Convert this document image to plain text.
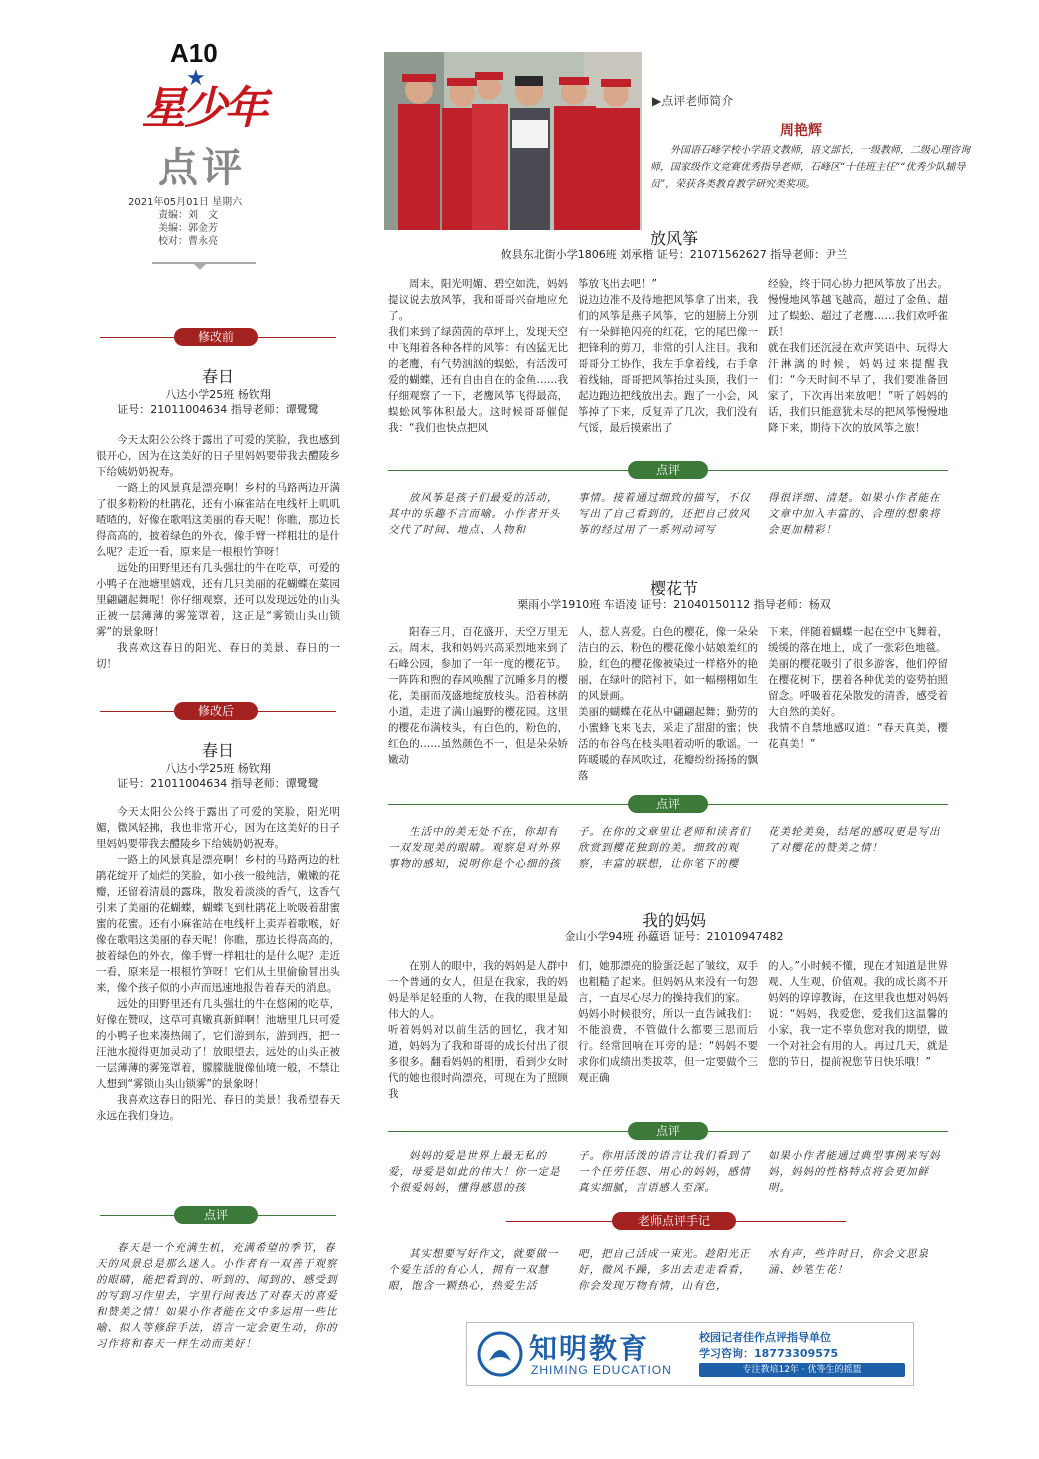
A10
星少年
★
点评
2021年05月01日 星期六
责编：刘　文
美编：郭金芳
校对：曹永亮
修改前
春日
八达小学25班 杨钦翔
证号：21011004634 指导老师：谭鹭鹭

今天太阳公公终于露出了可爱的笑脸，我也感到很开心，因为在这美好的日子里妈妈要带我去醴陵乡下给姨奶奶祝寿。

一路上的风景真是漂亮啊！乡村的马路两边开满了很多粉粉的杜鹃花，还有小麻雀站在电线杆上叽叽喳喳的，好像在歌唱这美丽的春天呢！你瞧，那边长得高高的，披着绿色的外衣，像手臂一样粗壮的是什么呢？走近一看，原来是一根根竹笋呀！

远处的田野里还有几头强壮的牛在吃草，可爱的小鸭子在池塘里嬉戏，还有几只美丽的花蝴蝶在菜园里翩翩起舞呢！你仔细观察，还可以发现远处的山头正被一层薄薄的雾笼罩着，这正是“雾锁山头山锁雾”的景象呀！

我喜欢这春日的阳光、春日的美景、春日的一切！

修改后
春日
八达小学25班 杨钦翔
证号：21011004634 指导老师：谭鹭鹭

今天太阳公公终于露出了可爱的笑脸，阳光明媚，微风轻拂，我也非常开心，因为在这美好的日子里妈妈要带我去醴陵乡下给姨奶奶祝寿。

一路上的风景真是漂亮啊！乡村的马路两边的杜鹃花绽开了灿烂的笑脸，如小孩一般纯洁，嫩嫩的花瓣，还留着清晨的露珠，散发着淡淡的香气，这香气引来了美丽的花蝴蝶，蝴蝶飞到杜鹃花上吮吸着甜蜜蜜的花蜜。还有小麻雀站在电线杆上卖弄着歌喉，好像在歌唱这美丽的春天呢！你瞧，那边长得高高的，披着绿色的外衣，像手臂一样粗壮的是什么呢？走近一看，原来是一根根竹笋呀！它们从土里偷偷冒出头来，像个孩子似的小声而迅速地报告着春天的消息。

远处的田野里还有几头强壮的牛在悠闲的吃草，好像在赞叹，这草可真嫩真新鲜啊！池塘里几只可爱的小鸭子也来凑热闹了，它们游到东，游到西，把一汪池水搅得更加灵动了！放眼望去，远处的山头正被一层薄薄的雾笼罩着，朦朦胧胧像仙境一般，不禁让人想到“雾锁山头山锁雾”的景象呀！

我喜欢这春日的阳光、春日的美景！我希望春天永远在我们身边。

点评
春天是一个充满生机，充满希望的季节，春天的风景总是那么迷人。小作者有一双善于观察的眼睛，能把看到的、听到的、闻到的、感受到的写到习作里去，字里行间表达了对春天的喜爱和赞美之情！如果小作者能在文中多运用一些比喻、拟人等修辞手法，语言一定会更生动，你的习作将和春天一样生动而美好！
▶点评老师简介
周艳辉
外国语石峰学校小学语文教师，语文部长，一级教师，二级心理咨询师，国家级作文竞赛优秀指导老师，石峰区“十佳班主任”“优秀少队辅导员”，荣获各类教育教学研究类奖项。
放风筝
攸县东北街小学1806班 刘承楷 证号：21071562627 指导老师：尹兰
周末，阳光明媚、碧空如洗，妈妈提议说去放风筝，我和哥哥兴奋地应允了。
我们来到了绿茵茵的草坪上，发现天空中飞翔着各种各样的风筝：有凶猛无比的老鹰，有气势汹汹的蜈蚣，有活泼可爱的蝴蝶，还有自由自在的金鱼……我仔细观察了一下，老鹰风筝飞得最高，蜈蚣风筝体积最大。这时候哥哥催促我：“我们也快点把风
筝放飞出去吧！”
说边边准不及待地把风筝拿了出来，我们的风筝是燕子风筝，它的翅膀上分别有一朵鲜艳闪亮的红花，它的尾巴像一把锋利的剪刀，非常的引人注目。我和哥哥分工协作，我左手拿着线，右手拿着线轴，哥哥把风筝抬过头顶，我们一起边跑边把线放出去。跑了一小会，风筝掉了下来，反复弄了几次，我们没有气馁，最后摸索出了
经验，终于同心协力把风筝放了出去。慢慢地风筝越飞越高，超过了金鱼、超过了蜈蚣、超过了老鹰……我们欢呼雀跃！
就在我们还沉浸在欢声笑语中、玩得大汗淋漓的时候，妈妈过来提醒我们：“今天时间不早了，我们要准备回家了，下次再出来放吧！”听了妈妈的话，我们只能意犹未尽的把风筝慢慢地降下来，期待下次的放风筝之旅！
点评
放风筝是孩子们最爱的活动，其中的乐趣不言而喻。小作者开头交代了时间、地点、人物和
事情。接着通过细致的描写，不仅写出了自己看到的，还把自己放风筝的经过用了一系列动词写
得很详细、清楚。如果小作者能在文章中加入丰富的、合理的想象将会更加精彩！
樱花节
栗雨小学1910班 车语凌 证号：21040150112 指导老师：杨双
阳春三月，百花盛开，天空万里无云。周末，我和妈妈兴高采烈地来到了石峰公园，参加了一年一度的樱花节。
一阵阵和煦的春风唤醒了沉睡多月的樱花，美丽而茂盛地绽放枝头。沿着林荫小道，走进了满山遍野的樱花园。这里的樱花布满枝头，有白色的，粉色的，红色的……虽然颜色不一，但是朵朵娇嫩动
人，惹人喜爱。白色的樱花，像一朵朵洁白的云，粉色的樱花像小姑娘羞红的脸，红色的樱花像被染过一样格外的艳丽，在绿叶的陪衬下，如一幅栩栩如生的风景画。
美丽的蝴蝶在花丛中翩翩起舞；勤劳的小蜜蜂飞来飞去，采走了甜甜的蜜；快活的布谷鸟在枝头唱着动听的歌谣。一阵暖暖的春风吹过，花瓣纷纷扬扬的飘落
下来，伴随着蝴蝶一起在空中飞舞着，缓缓的落在地上，成了一张彩色地毯。
美丽的樱花吸引了很多游客，他们停留在樱花树下，摆着各种优美的姿势拍照留念。呼吸着花朵散发的清香，感受着大自然的美好。
我情不自禁地感叹道：“春天真美，樱花真美！”
点评
生活中的美无处不在，你却有一双发现美的眼睛。观察是对外界事物的感知，说明你是个心细的孩
子。在你的文章里让老师和读者们欣赏到樱花独到的美。细致的观察，丰富的联想，让你笔下的樱
花美轮美奂，结尾的感叹更是写出了对樱花的赞美之情！
我的妈妈
金山小学94班 孙藴语 证号：21010947482
在别人的眼中，我的妈妈是人群中一个普通的女人，但是在我家，我的妈妈是举足轻重的人物，在我的眼里是最伟大的人。
听着妈妈对以前生活的回忆，我才知道，妈妈为了我和哥哥的成长付出了很多很多。翻看妈妈的相册，看到少女时代的她也很时尚漂亮，可现在为了照顾我
们，她那漂亮的脸蛋泛起了皱纹，双手也粗糙了起来。但妈妈从来没有一句怨言，一直尽心尽力的操持我们的家。
妈妈小时候很穷，所以一直告诫我们：不能浪费，不管做什么都要三思而后行。经常回响在耳旁的是：“妈妈不要求你们成绩出类拔萃，但一定要做个三观正确
的人。”小时候不懂，现在才知道是世界观、人生观、价值观。我的成长离不开妈妈的谆谆教诲，在这里我也想对妈妈说：“妈妈，我爱您，爱我们这温馨的小家，我一定不辜负您对我的期望，做一个对社会有用的人。再过几天，就是您的节日，提前祝您节日快乐哦！”
点评
妈妈的爱是世界上最无私的爱，母爱是如此的伟大！你一定是个很爱妈妈，懂得感恩的孩
子。你用活泼的语言让我们看到了一个任劳任怨、用心的妈妈，感情真实细腻，言语感人至深。
如果小作者能通过典型事例来写妈妈，妈妈的性格特点将会更加鲜明。
老师点评手记
其实想要写好作文，就要做一个爱生活的有心人，拥有一双慧眼，饱含一颗热心，热爱生活
吧，把自己活成一束光。趁阳光正好，微风不躁，多出去走走看看，你会发现万物有情，山有色，
水有声，些许时日，你会文思泉涌、妙笔生花！
知明教育
ZHIMING EDUCATION
校园记者佳作点评指导单位
学习咨询：18773309575
专注教培12年 · 优等生的摇篮
